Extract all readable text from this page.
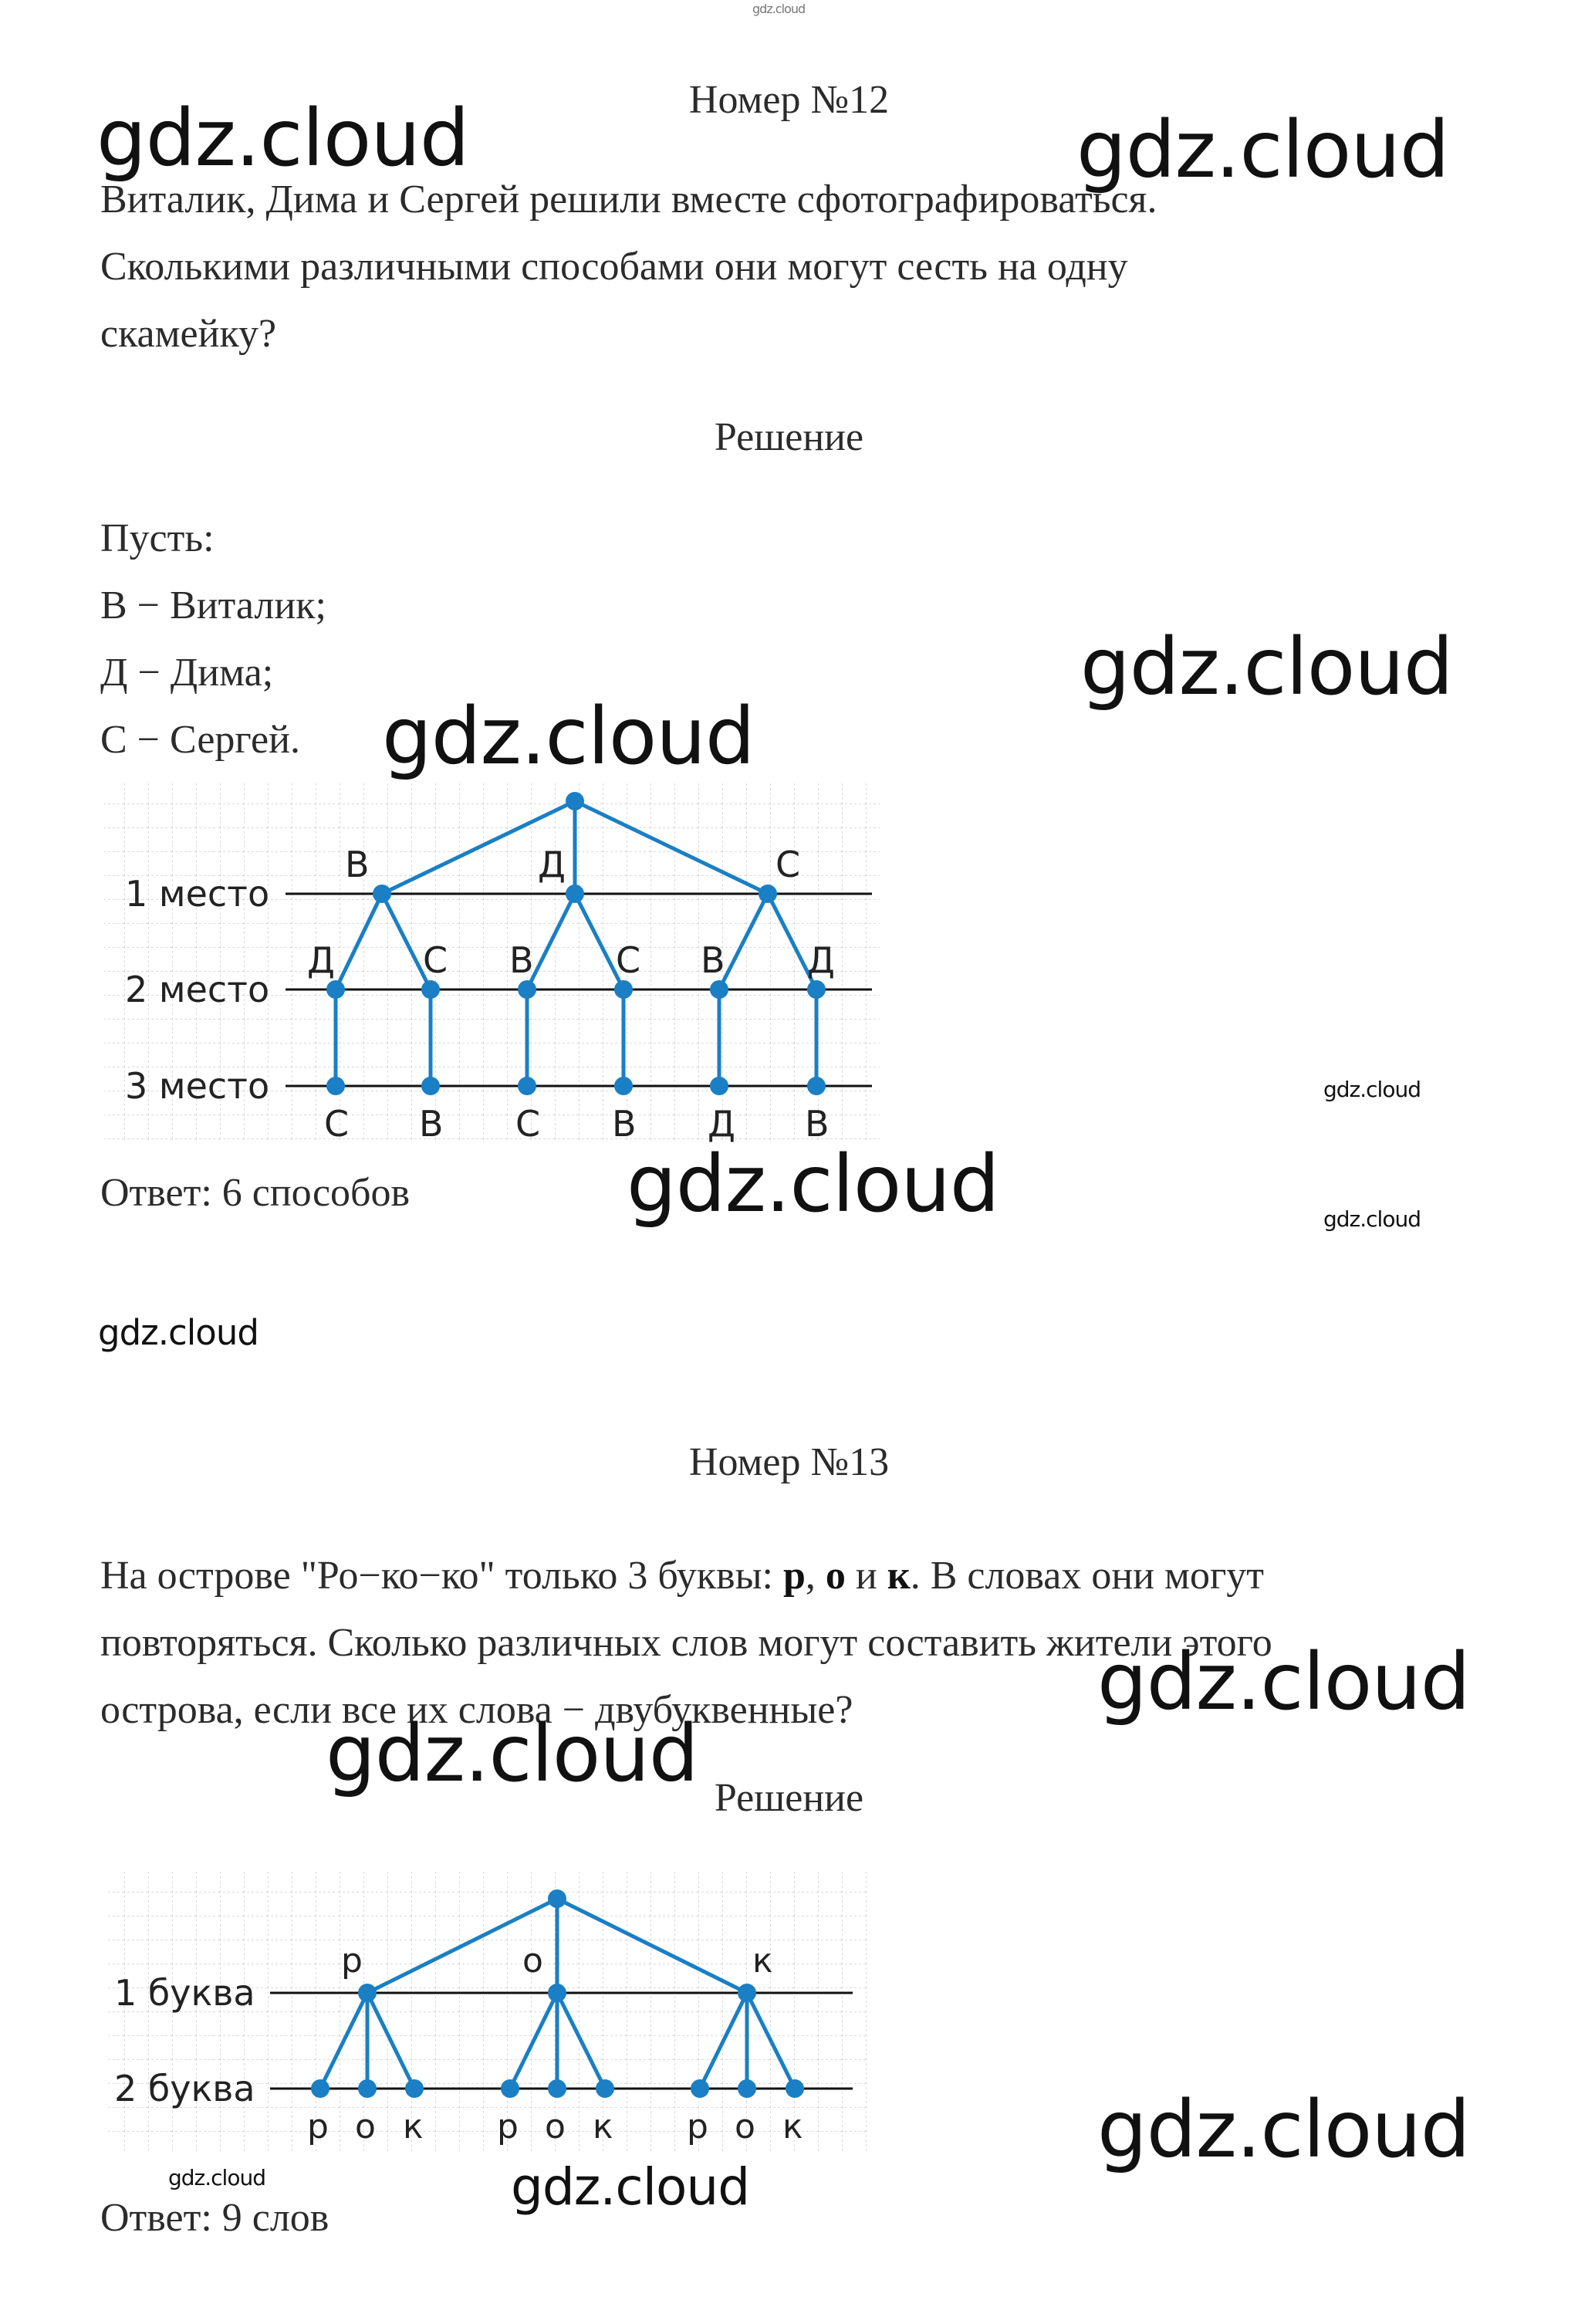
gdz.cloud
Номер №12
Виталик, Дима и Сергей решили вместе сфотографироваться.
Сколькими различными способами они могут сесть на одну
скамейку?
Решение
Пусть:
В − Виталик;
Д − Дима;
С − Сергей.
1 место
2 место
3 место
В	Д	С
Д С В С В Д
С В С В Д В
Ответ: 6 способов
Номер №13
На острове "Ро−ко−ко" только 3 буквы: р, о и к. В словах они могут
повторяться. Сколько различных слов могут составить жители этого
острова, если все их слова − двубуквенные?
Решение
1 буква
2 буква
р	о	к
р о к р о к р о к
Ответ: 9 слов
gdz.cloud	gdz.cloud
gdz.cloud
gdz.cloud
gdz.cloud
gdz.cloud	gdz.cloud
gdz.cloud
gdz.cloud
gdz.cloud
gdz.cloud
gdz.cloud	gdz.cloud
